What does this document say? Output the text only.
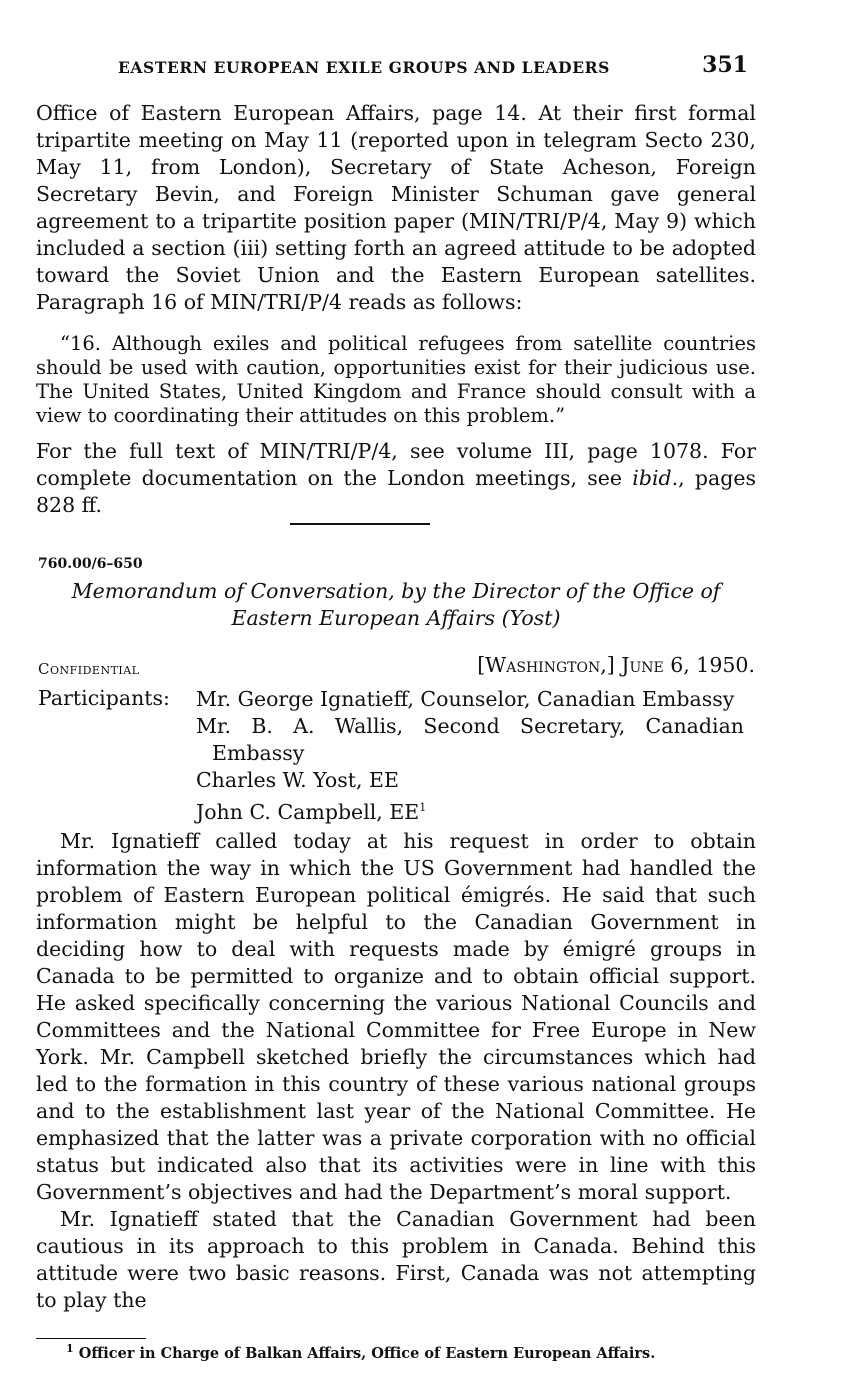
EASTERN EUROPEAN EXILE GROUPS AND LEADERS	351

Office of Eastern European Affairs, page 14. At their first formal tripartite meeting on May 11 (reported upon in telegram Secto 230, May 11, from London), Secretary of State Acheson, Foreign Secretary Bevin, and Foreign Minister Schuman gave general agreement to a tripartite position paper (MIN/TRI/P/4, May 9) which included a section (iii) setting forth an agreed attitude to be adopted toward the Soviet Union and the Eastern European satellites. Paragraph 16 of MIN/TRI/P/4 reads as follows:

“16. Although exiles and political refugees from satellite countries should be used with caution, opportunities exist for their judicious use. The United States, United Kingdom and France should consult with a view to coordinating their attitudes on this problem.”

For the full text of MIN/TRI/P/4, see volume III, page 1078. For complete documentation on the London meetings, see ibid., pages 828 ff.

760.00/6–650
Memorandum of Conversation, by the Director of the Office of
Eastern European Affairs (Yost)
Confidential	[Washington,] June 6, 1950.
Participants: Mr. George Ignatieff, Counselor, Canadian Embassy

Mr. B. A. Wallis, Second Secretary, Canadian Embassy

Charles W. Yost, EE

John C. Campbell, $EE^1$

Mr. Ignatieff called today at his request in order to obtain information the way in which the US Government had handled the problem of Eastern European political émigrés. He said that such information might be helpful to the Canadian Government in deciding how to deal with requests made by émigré groups in Canada to be permitted to organize and to obtain official support. He asked specifically concerning the various National Councils and Committees and the National Committee for Free Europe in New York. Mr. Campbell sketched briefly the circumstances which had led to the formation in this country of these various national groups and to the establishment last year of the National Committee. He emphasized that the latter was a private corporation with no official status but indicated also that its activities were in line with this Government’s objectives and had the Department’s moral support.

Mr. Ignatieff stated that the Canadian Government had been cautious in its approach to this problem in Canada. Behind this attitude were two basic reasons. First, Canada was not attempting to play the

$^1$ Officer in Charge of Balkan Affairs, Office of Eastern European Affairs.
